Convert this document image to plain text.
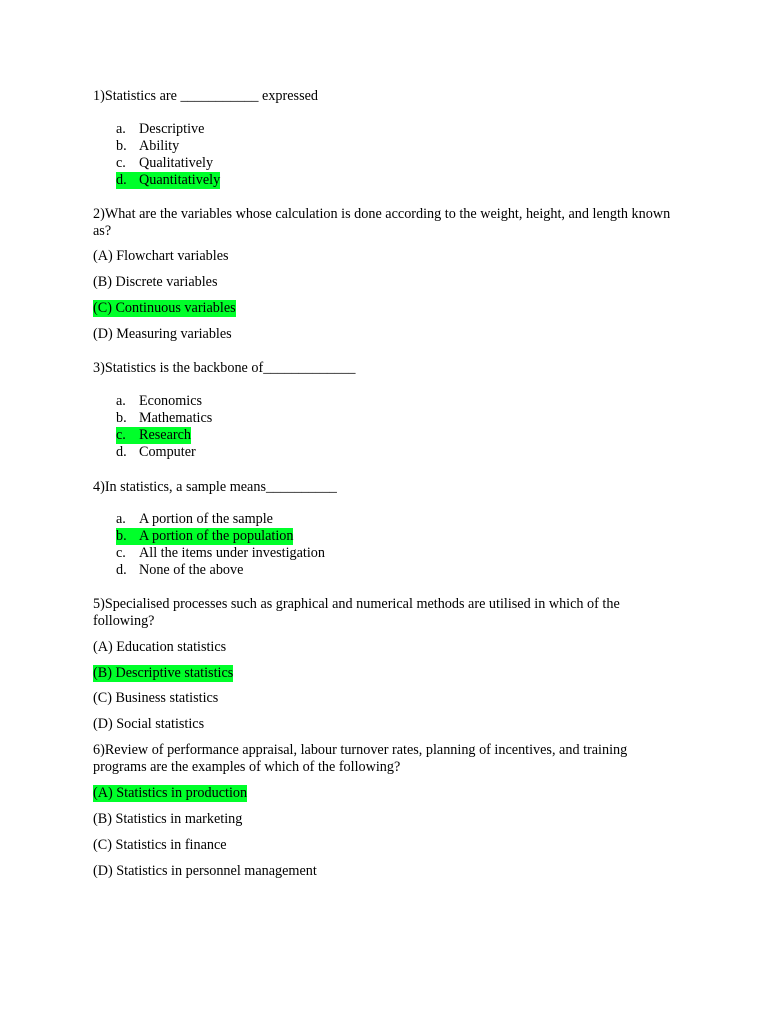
1)Statistics are ___________ expressed

a. Descriptive
b. Ability
c. Qualitatively
d. Quantitatively

2)What are the variables whose calculation is done according to the weight, height, and length known as?

(A) Flowchart variables
(B) Discrete variables
(C) Continuous variables
(D) Measuring variables

3)Statistics is the backbone of_____________

a. Economics
b. Mathematics
c. Research
d. Computer

4)In statistics, a sample means__________

a. A portion of the sample
b. A portion of the population
c. All the items under investigation
d. None of the above

5)Specialised processes such as graphical and numerical methods are utilised in which of the following?

(A) Education statistics
(B) Descriptive statistics
(C) Business statistics
(D) Social statistics

6)Review of performance appraisal, labour turnover rates, planning of incentives, and training programs are the examples of which of the following?

(A) Statistics in production
(B) Statistics in marketing
(C) Statistics in finance
(D) Statistics in personnel management
